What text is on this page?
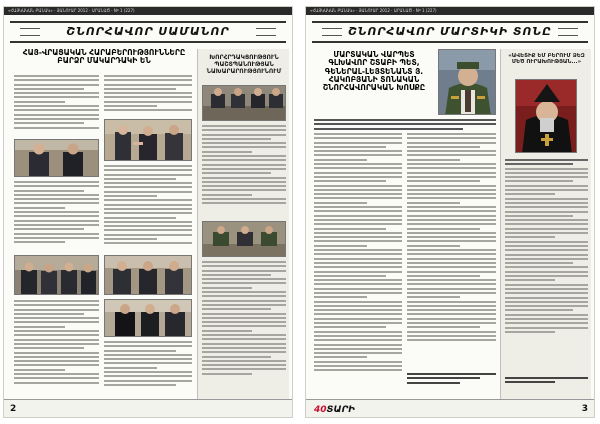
«ՀԱՅԿԱԿԱՆ ԲԱՆԱԿ» · ՅԱՆՈՒԱՐ 2012 · ԱՐԱՆԱԾ · Nº 1 (227)
ՇՆՈՐՀԱՎՈՐ ՍԱՄԱՆՈՐ
ՀԱՅ-ՎՐԱՑԱԿԱՆ ՀԱՐԱԲԵՐՈՒԹՅՈՒՆՆԵՐԸ ԲԱՐՁՐ ՄԱԿԱՐԴԱԿԻ ԵՆ	ԽՈՐՀՐԴԱԿՑՈՒԹՅՈՒՆ ՊԱՇՏՊԱՆՈՒԹՅԱՆ ՆԱԽԱՐԱՐՈՒԹՅՈՒՆՈՒՄ
2
«ՀԱՅԿԱԿԱՆ ԲԱՆԱԿ» · ՅԱՆՈՒԱՐ 2012 · ԱՐԱՆԱԾ · Nº 1 (227)
ՇՆՈՐՀԱՎՈՐ ՄԱՐՏԻԿԻ ՏՈՆԸ
ՄԱՐՏԱԿԱՆ ՎԱՐՊԵՏ ԳԼԽԱՎՈՐ ՇՏԱԲԻ ՊԵՏ, ԳԵՆԵՐԱԼ-ԼԵՅՏԵՆԱՆՏ Յ. ՀԱԿՈԲՅԱՆԻ ՏՈՆԱԿԱՆ ՇՆՈՐՀԱՎՈՐԱԿԱՆ ԽՈՍՔԸ
«ԱՎԵՏԻՔ ԵՄ ԲԵՐՈՒՄ ՁԵԶ ՄԵԾ ՈՒՐԱԽՈՒԹՅԱՆ...»
40ՏԱՐԻ	3
